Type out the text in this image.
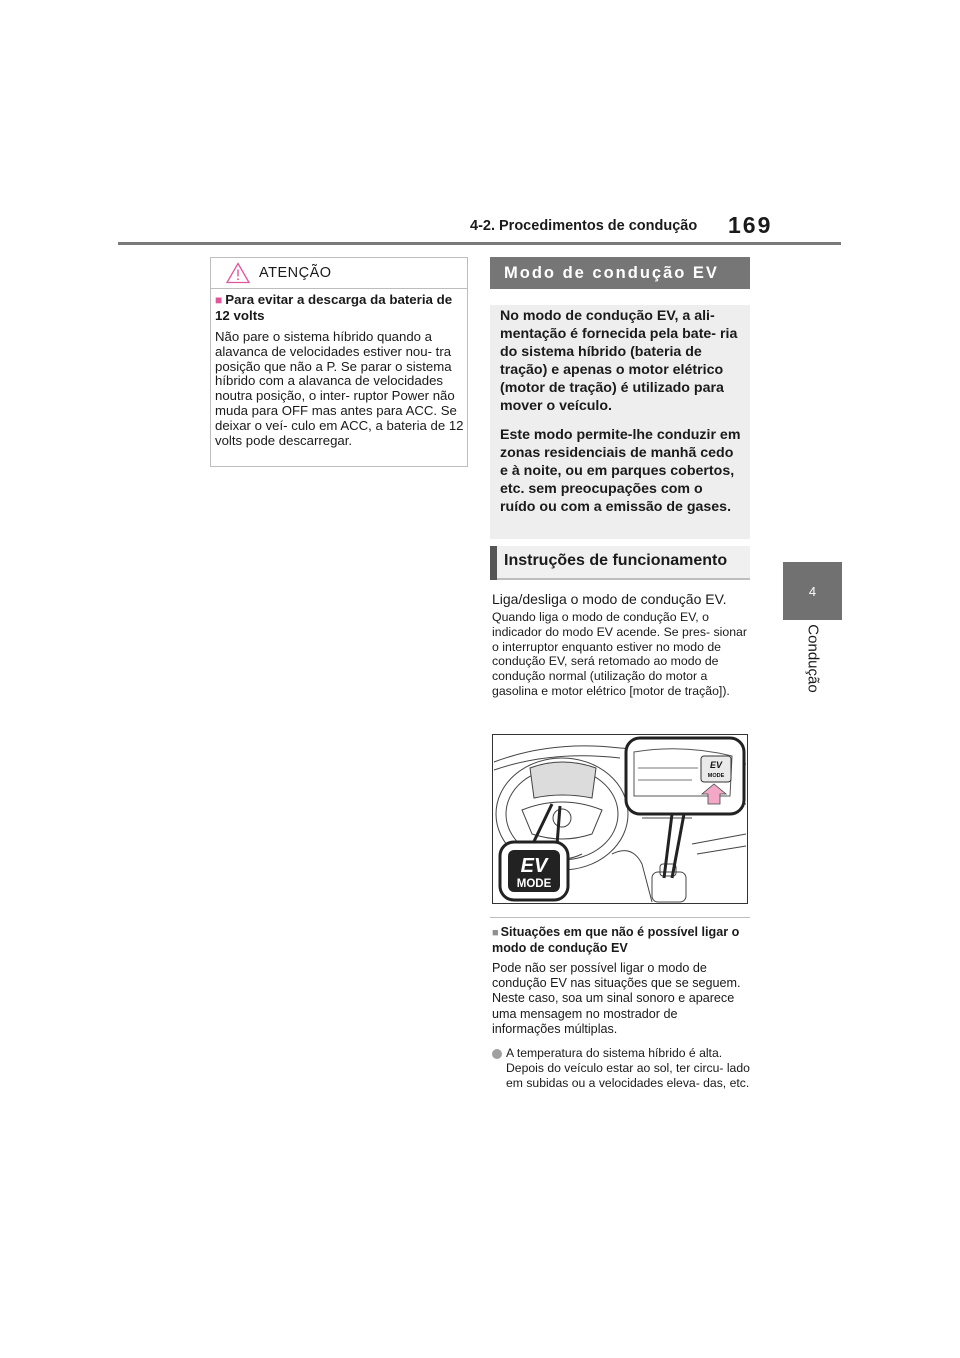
4-2. Procedimentos de condução 169
4
Condução
ATENÇÃO
■ Para evitar a descarga da bateria de 12 volts
Não pare o sistema híbrido quando a alavanca de velocidades estiver nou- tra posição que não a P. Se parar o sistema híbrido com a alavanca de velocidades noutra posição, o inter- ruptor Power não muda para OFF mas antes para ACC. Se deixar o veí- culo em ACC, a bateria de 12 volts pode descarregar.
Modo de condução EV

No modo de condução EV, a ali- mentação é fornecida pela bate- ria do sistema híbrido (bateria de tração) e apenas o motor elétrico (motor de tração) é utilizado para mover o veículo.

Este modo permite-lhe conduzir em zonas residenciais de manhã cedo e à noite, ou em parques cobertos, etc. sem preocupações com o ruído ou com a emissão de gases.

Instruções de funcionamento
Liga/desliga o modo de condução EV.
Quando liga o modo de condução EV, o indicador do modo EV acende. Se pres- sionar o interruptor enquanto estiver no modo de condução EV, será retomado ao modo de condução normal (utilização do motor a gasolina e motor elétrico [motor de tração]).
EV
MODE
EV
MODE
■ Situações em que não é possível ligar o modo de condução EV
Pode não ser possível ligar o modo de condução EV nas situações que se seguem. Neste caso, soa um sinal sonoro e aparece uma mensagem no mostrador de informações múltiplas.
A temperatura do sistema híbrido é alta. Depois do veículo estar ao sol, ter circu- lado em subidas ou a velocidades eleva- das, etc.
